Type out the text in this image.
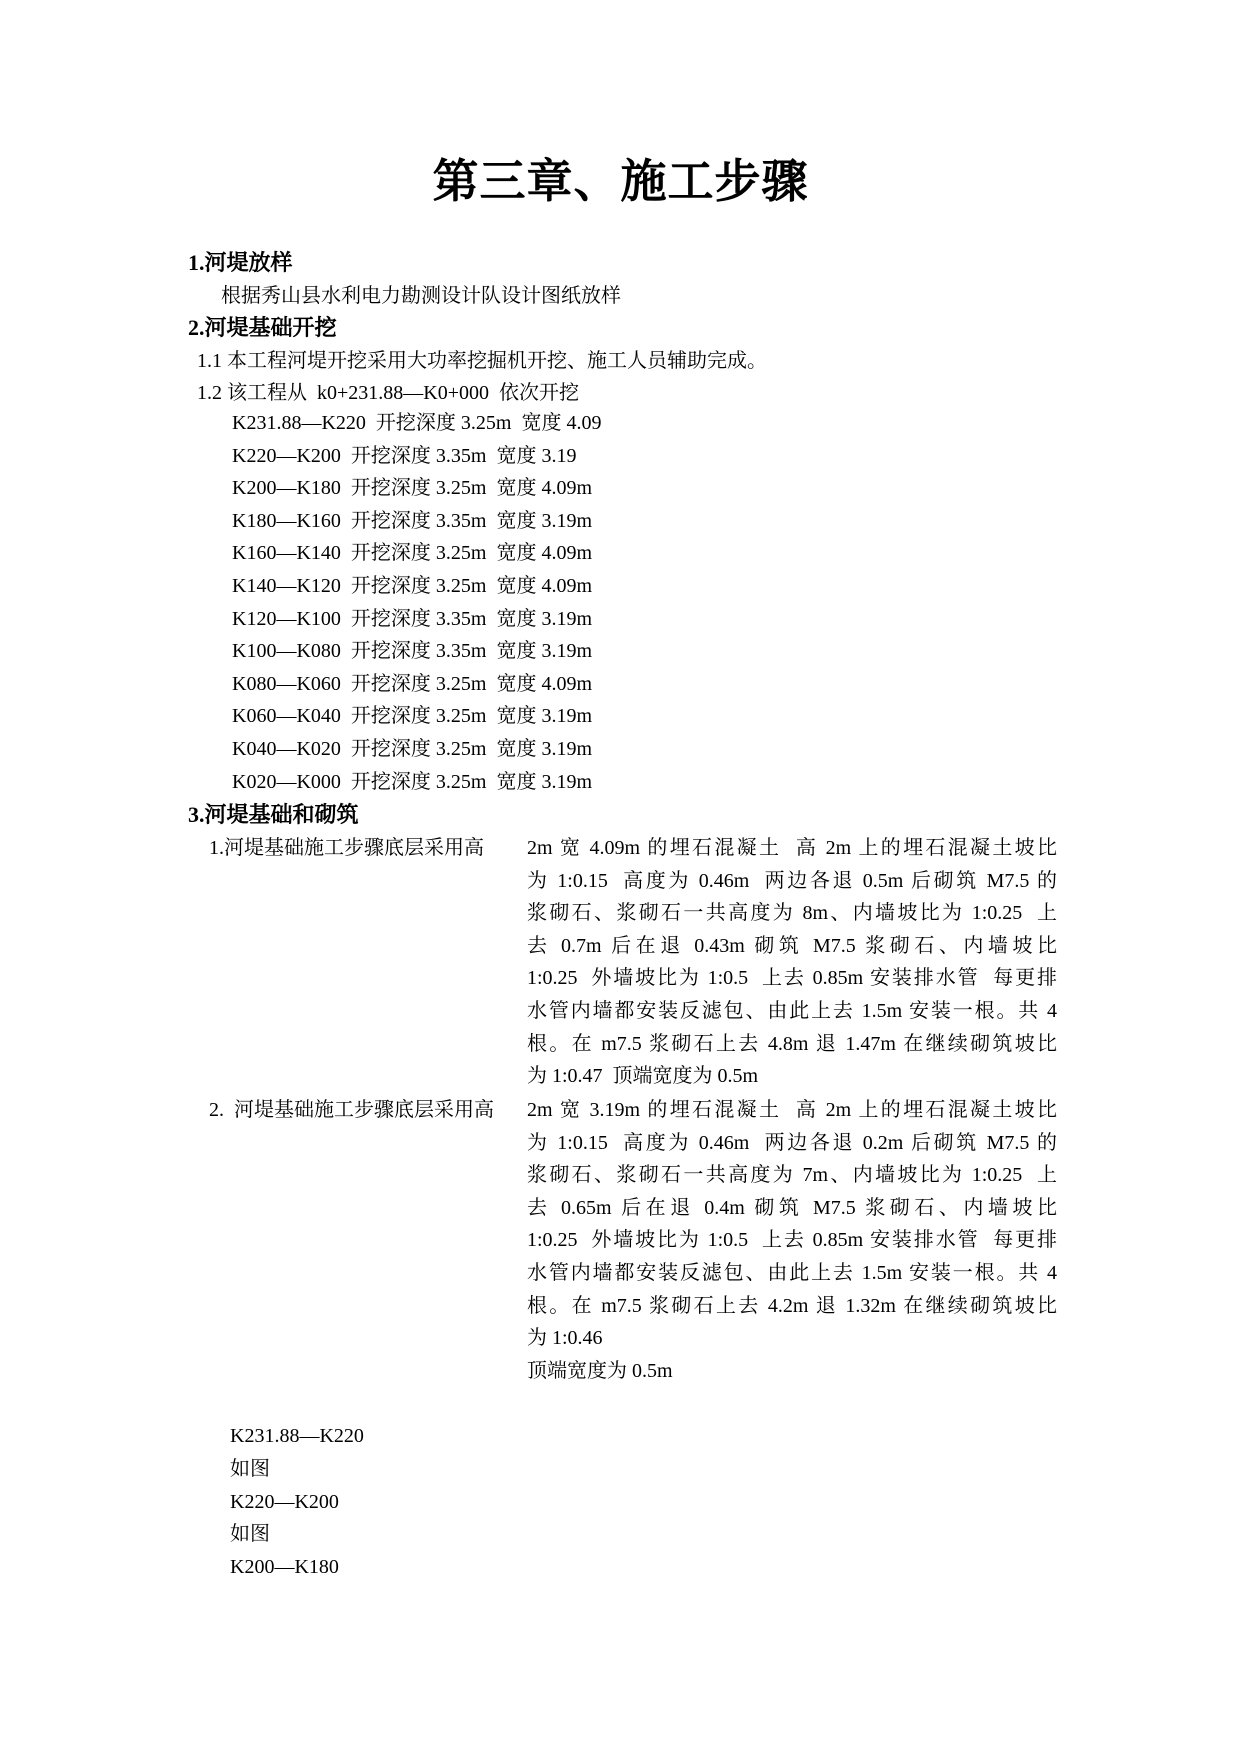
第三章、施工步骤
1.河堤放样
根据秀山县水利电力勘测设计队设计图纸放样
2.河堤基础开挖
1.1 本工程河堤开挖采用大功率挖掘机开挖、施工人员辅助完成。
1.2 该工程从  k0+231.88—K0+000  依次开挖
K231.88—K220  开挖深度 3.25m  宽度 4.09
K220—K200  开挖深度 3.35m  宽度 3.19
K200—K180  开挖深度 3.25m  宽度 4.09m
K180—K160  开挖深度 3.35m  宽度 3.19m
K160—K140  开挖深度 3.25m  宽度 4.09m
K140—K120  开挖深度 3.25m  宽度 4.09m
K120—K100  开挖深度 3.35m  宽度 3.19m
K100—K080  开挖深度 3.35m  宽度 3.19m
K080—K060  开挖深度 3.25m  宽度 4.09m
K060—K040  开挖深度 3.25m  宽度 3.19m
K040—K020  开挖深度 3.25m  宽度 3.19m
K020—K000  开挖深度 3.25m  宽度 3.19m
3.河堤基础和砌筑
1.河堤基础施工步骤底层采用高 2m 宽 4.09m 的埋石混凝土  高 2m 上的埋石混凝土坡比
为 1:0.15  高度为 0.46m  两边各退 0.5m 后砌筑 M7.5 的
浆砌石、浆砌石一共高度为 8m、内墙坡比为 1:0.25  上
去 0.7m 后在退 0.43m 砌筑 M7.5 浆砌石、内墙坡比
1:0.25  外墙坡比为 1:0.5  上去 0.85m 安装排水管  每更排
水管内墙都安装反滤包、由此上去 1.5m 安装一根。共 4
根。在 m7.5 浆砌石上去 4.8m 退 1.47m 在继续砌筑坡比
为 1:0.47  顶端宽度为 0.5m
2.  河堤基础施工步骤底层采用高 2m 宽 3.19m 的埋石混凝土  高 2m 上的埋石混凝土坡比
为 1:0.15  高度为 0.46m  两边各退 0.2m 后砌筑 M7.5 的
浆砌石、浆砌石一共高度为 7m、内墙坡比为 1:0.25  上
去 0.65m 后在退 0.4m 砌筑 M7.5 浆砌石、内墙坡比
1:0.25  外墙坡比为 1:0.5  上去 0.85m 安装排水管  每更排
水管内墙都安装反滤包、由此上去 1.5m 安装一根。共 4
根。在 m7.5 浆砌石上去 4.2m 退 1.32m 在继续砌筑坡比
为 1:0.46
顶端宽度为 0.5m
K231.88—K220
如图
K220—K200
如图
K200—K180
